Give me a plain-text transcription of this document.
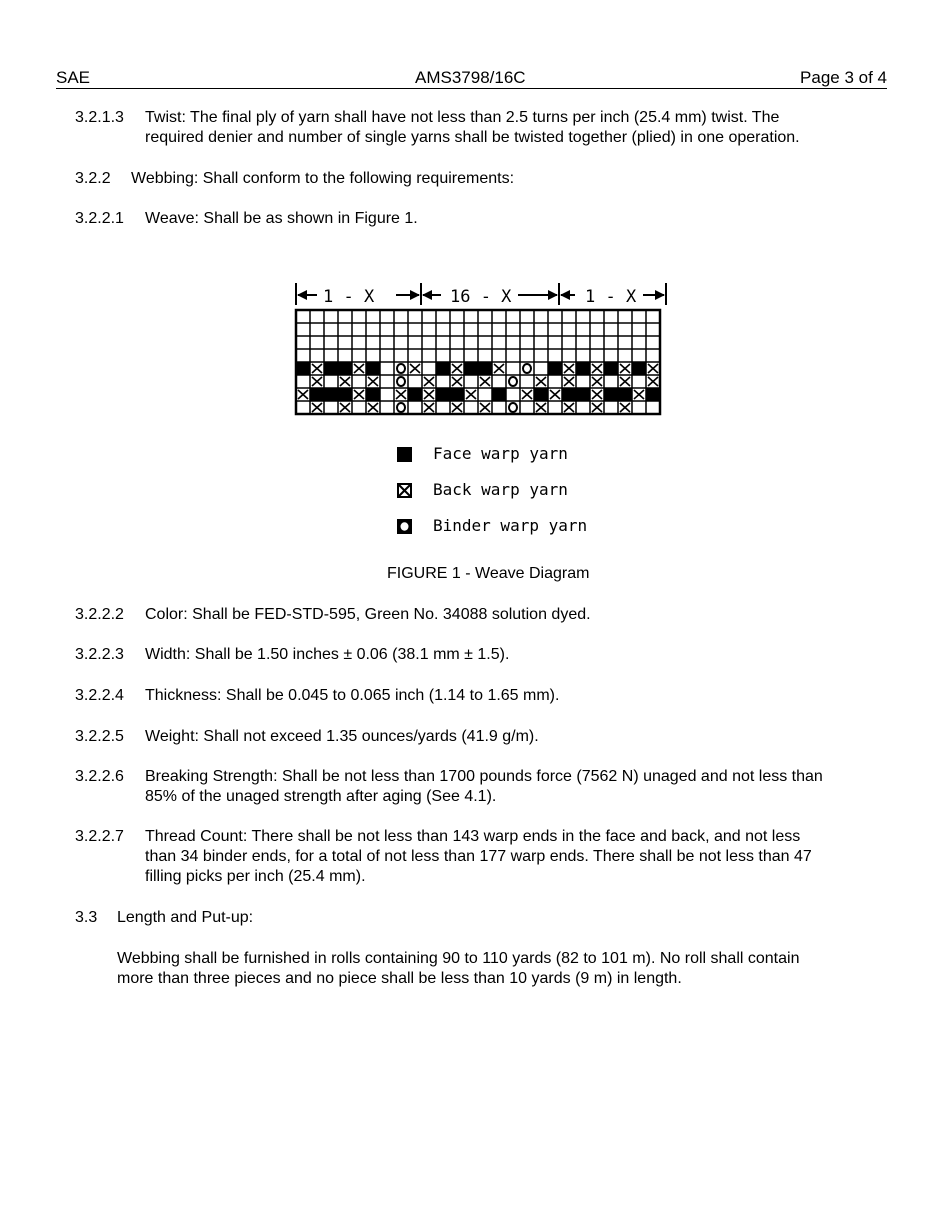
SAE	AMS3798/16C	Page 3 of 4
3.2.1.3 Twist: The final ply of yarn shall have not less than 2.5 turns per inch (25.4 mm) twist. The
required denier and number of single yarns shall be twisted together (plied) in one operation.
3.2.2 Webbing: Shall conform to the following requirements:
3.2.2.1 Weave: Shall be as shown in Figure 1.
1 - X	16 - X	1 - X
Face warp yarn
Back warp yarn
Binder warp yarn
FIGURE 1 - Weave Diagram
3.2.2.2 Color: Shall be FED-STD-595, Green No. 34088 solution dyed.
3.2.2.3 Width: Shall be 1.50 inches ± 0.06 (38.1 mm ± 1.5).
3.2.2.4 Thickness: Shall be 0.045 to 0.065 inch (1.14 to 1.65 mm).
3.2.2.5 Weight: Shall not exceed 1.35 ounces/yards (41.9 g/m).
3.2.2.6 Breaking Strength: Shall be not less than 1700 pounds force (7562 N) unaged and not less than
85% of the unaged strength after aging (See 4.1).
3.2.2.7 Thread Count: There shall be not less than 143 warp ends in the face and back, and not less
than 34 binder ends, for a total of not less than 177 warp ends. There shall be not less than 47
filling picks per inch (25.4 mm).
3.3 Length and Put-up:
Webbing shall be furnished in rolls containing 90 to 110 yards (82 to 101 m). No roll shall contain
more than three pieces and no piece shall be less than 10 yards (9 m) in length.
